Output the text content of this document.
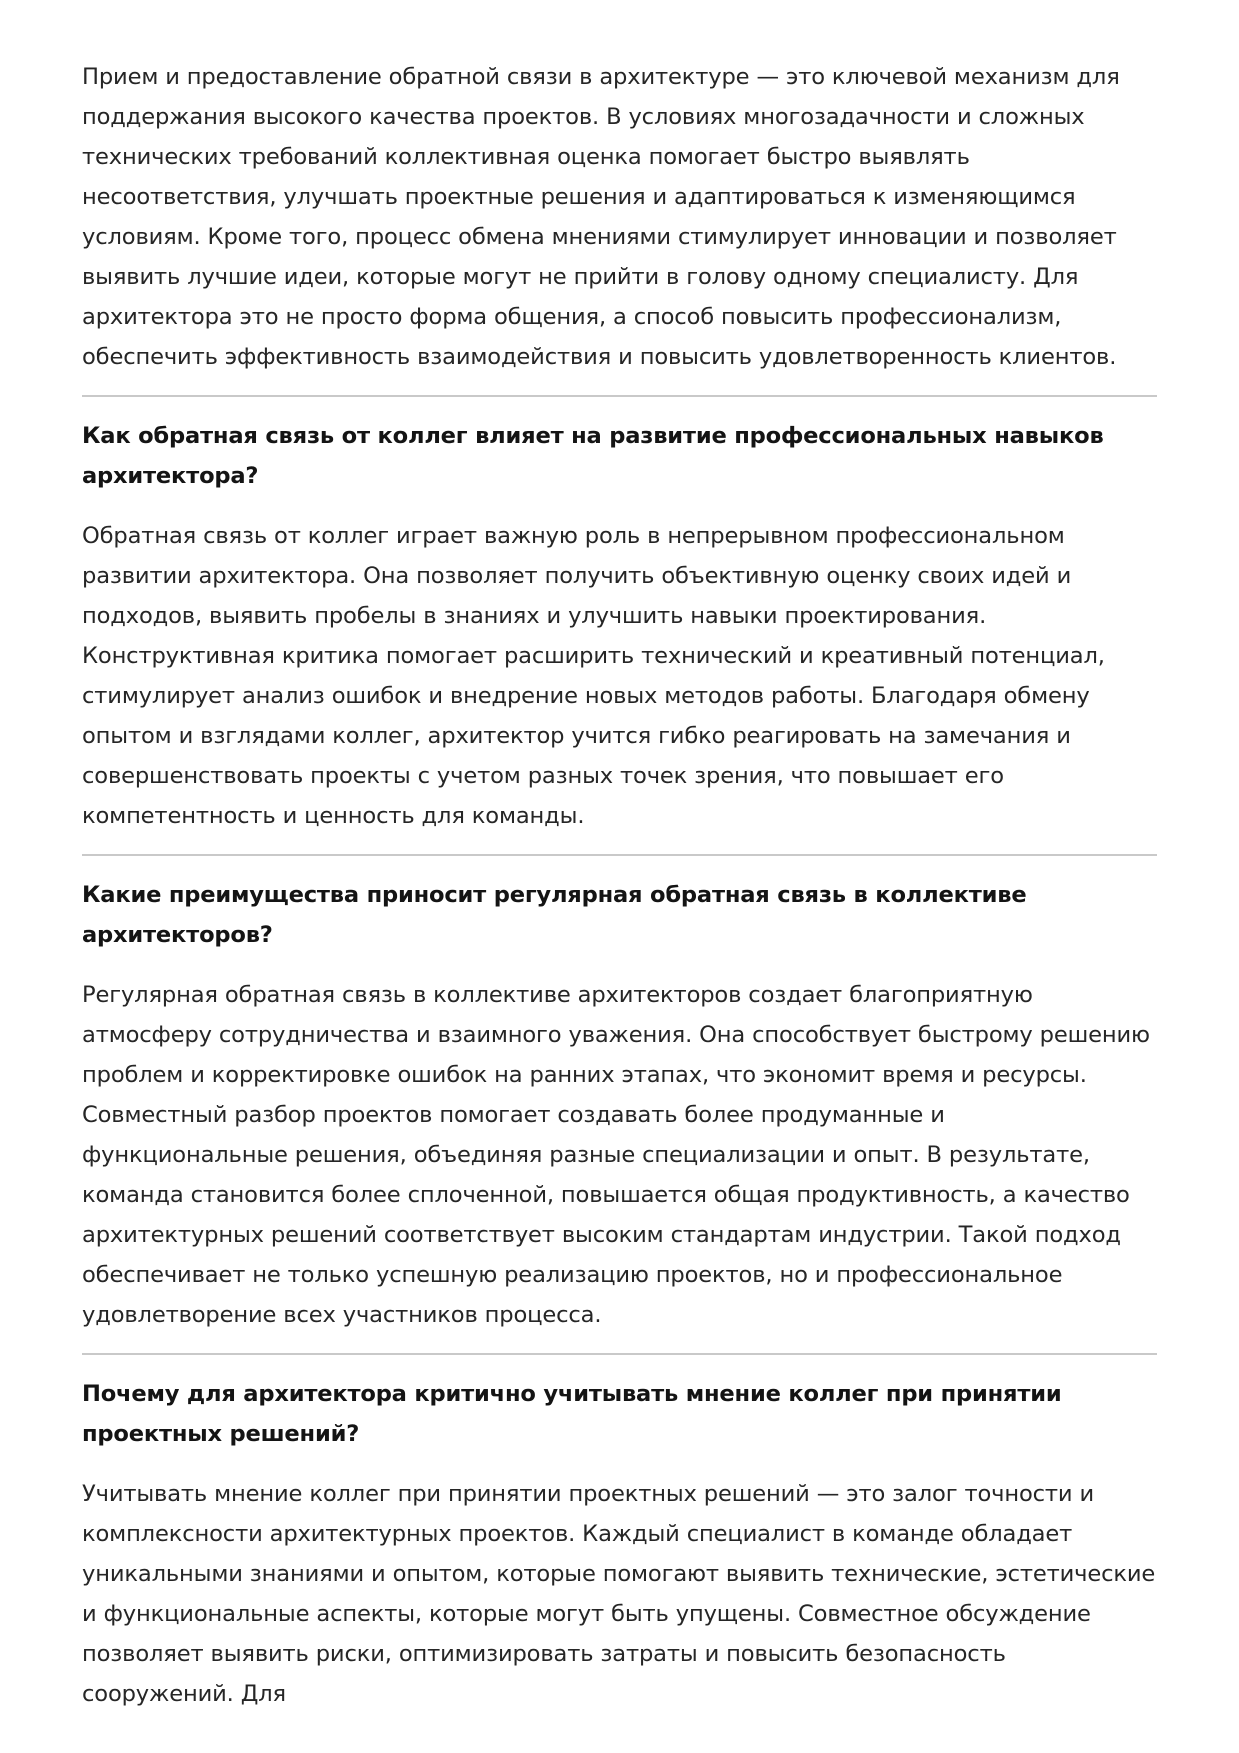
Прием и предоставление обратной связи в архитектуре — это ключевой механизм для поддержания высокого качества проектов. В условиях многозадачности и сложных технических требований коллективная оценка помогает быстро выявлять несоответствия, улучшать проектные решения и адаптироваться к изменяющимся условиям. Кроме того, процесс обмена мнениями стимулирует инновации и позволяет выявить лучшие идеи, которые могут не прийти в голову одному специалисту. Для архитектора это не просто форма общения, а способ повысить профессионализм, обеспечить эффективность взаимодействия и повысить удовлетворенность клиентов.

Как обратная связь от коллег влияет на развитие профессиональных навыков архитектора?

Обратная связь от коллег играет важную роль в непрерывном профессиональном развитии архитектора. Она позволяет получить объективную оценку своих идей и подходов, выявить пробелы в знаниях и улучшить навыки проектирования. Конструктивная критика помогает расширить технический и креативный потенциал, стимулирует анализ ошибок и внедрение новых методов работы. Благодаря обмену опытом и взглядами коллег, архитектор учится гибко реагировать на замечания и совершенствовать проекты с учетом разных точек зрения, что повышает его компетентность и ценность для команды.

Какие преимущества приносит регулярная обратная связь в коллективе архитекторов?

Регулярная обратная связь в коллективе архитекторов создает благоприятную атмосферу сотрудничества и взаимного уважения. Она способствует быстрому решению проблем и корректировке ошибок на ранних этапах, что экономит время и ресурсы. Совместный разбор проектов помогает создавать более продуманные и функциональные решения, объединяя разные специализации и опыт. В результате, команда становится более сплоченной, повышается общая продуктивность, а качество архитектурных решений соответствует высоким стандартам индустрии. Такой подход обеспечивает не только успешную реализацию проектов, но и профессиональное удовлетворение всех участников процесса.

Почему для архитектора критично учитывать мнение коллег при принятии проектных решений?

Учитывать мнение коллег при принятии проектных решений — это залог точности и комплексности архитектурных проектов. Каждый специалист в команде обладает уникальными знаниями и опытом, которые помогают выявить технические, эстетические и функциональные аспекты, которые могут быть упущены. Совместное обсуждение позволяет выявить риски, оптимизировать затраты и повысить безопасность сооружений. Для
